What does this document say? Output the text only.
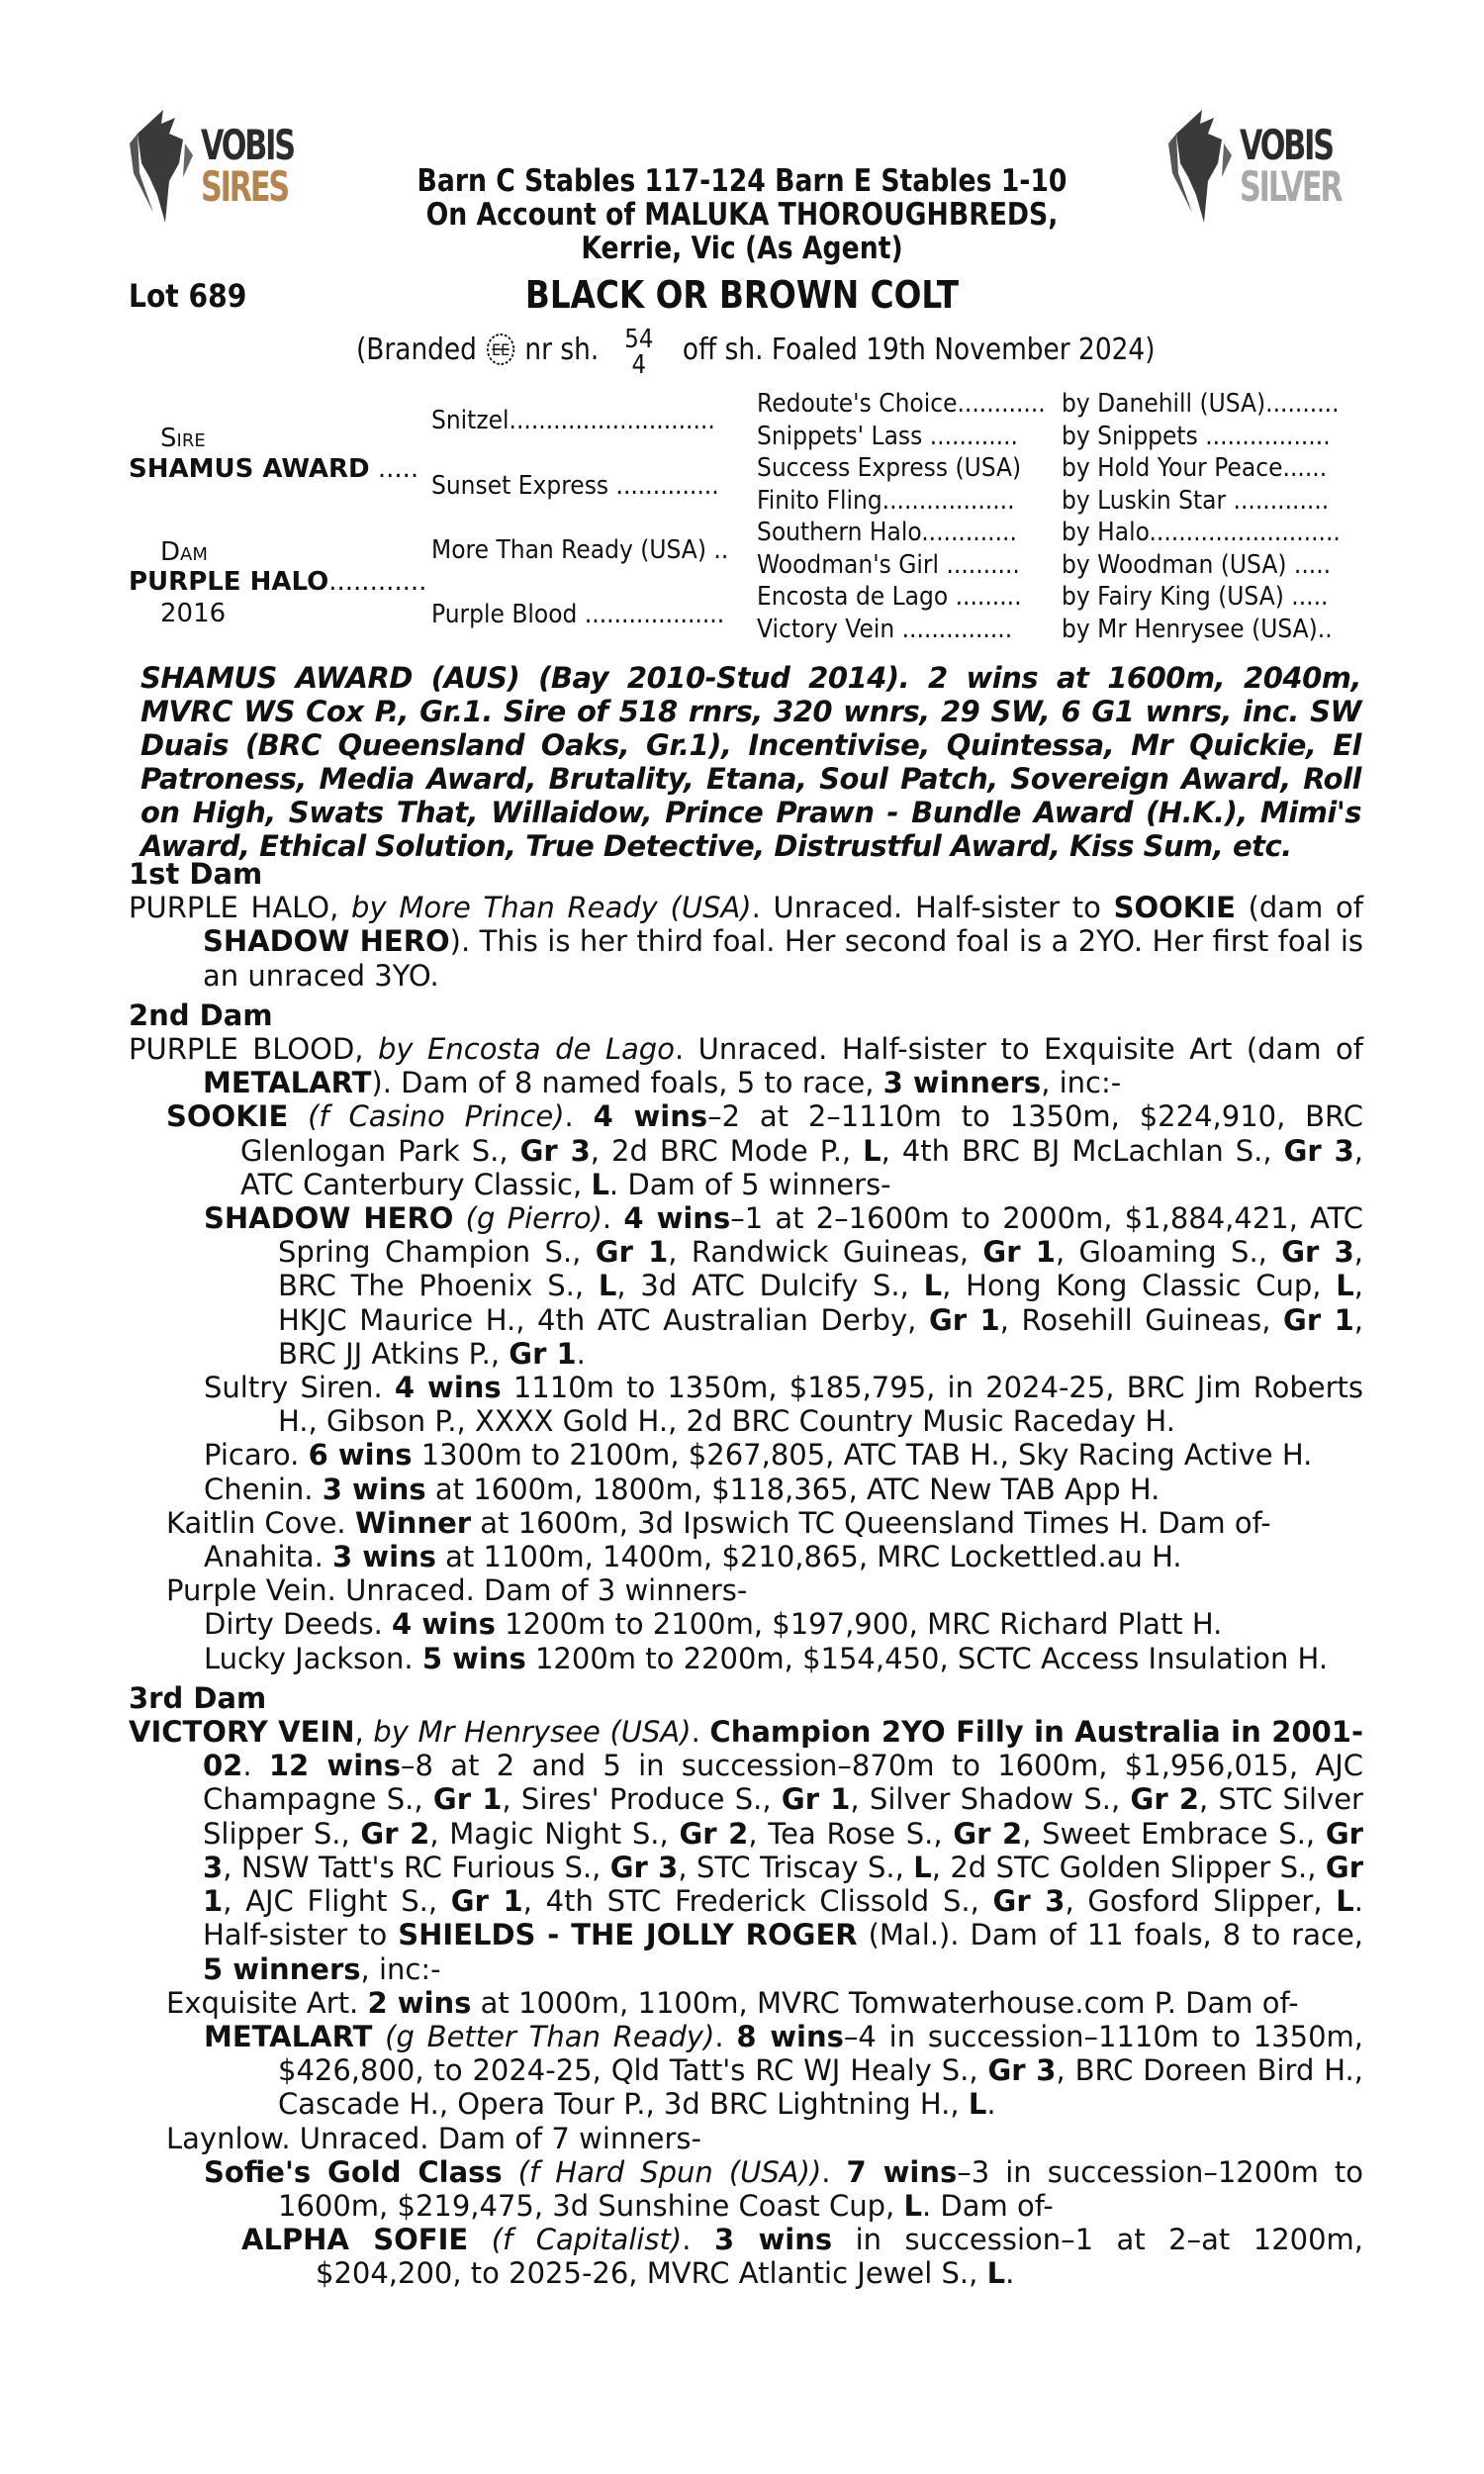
VOBIS
SIRES
VOBIS
SILVER
Barn C Stables 117-124 Barn E Stables 1-10
On Account of MALUKA THOROUGHBREDS,
Kerrie, Vic (As Agent)
Lot 689	BLACK OR BROWN COLT
(Branded EE nr sh. 54
4 off sh. Foaled 19th November 2024)
Sire
SHAMUS AWARD .....
Dam
PURPLE HALO............
2016
Snitzel............................
Sunset Express ..............
More Than Ready (USA) ..
Purple Blood ...................
Redoute's Choice............
Snippets' Lass ............
Success Express (USA)
Finito Fling..................
Southern Halo.............
Woodman's Girl ..........
Encosta de Lago .........
Victory Vein ...............
by Danehill (USA)..........
by Snippets .................
by Hold Your Peace......
by Luskin Star .............
by Halo..........................
by Woodman (USA) .....
by Fairy King (USA) .....
by Mr Henrysee (USA)..
SHAMUS AWARD (AUS) (Bay 2010-Stud 2014). 2 wins at 1600m, 2040m, MVRC WS Cox P., Gr.1. Sire of 518 rnrs, 320 wnrs, 29 SW, 6 G1 wnrs, inc. SW Duais (BRC Queensland Oaks, Gr.1), Incentivise, Quintessa, Mr Quickie, El Patroness, Media Award, Brutality, Etana, Soul Patch, Sovereign Award, Roll on High, Swats That, Willaidow, Prince Prawn - Bundle Award (H.K.), Mimi's Award, Ethical Solution, True Detective, Distrustful Award, Kiss Sum, etc.
1st Dam
PURPLE HALO, by More Than Ready (USA). Unraced. Half-sister to SOOKIE (dam of SHADOW HERO). This is her third foal. Her second foal is a 2YO. Her first foal is an unraced 3YO.
2nd Dam
PURPLE BLOOD, by Encosta de Lago. Unraced. Half-sister to Exquisite Art (dam of METALART). Dam of 8 named foals, 5 to race, 3 winners, inc:-
SOOKIE (f Casino Prince). 4 wins–2 at 2–1110m to 1350m, $224,910, BRC Glenlogan Park S., Gr 3, 2d BRC Mode P., L, 4th BRC BJ McLachlan S., Gr 3, ATC Canterbury Classic, L. Dam of 5 winners-
SHADOW HERO (g Pierro). 4 wins–1 at 2–1600m to 2000m, $1,884,421, ATC Spring Champion S., Gr 1, Randwick Guineas, Gr 1, Gloaming S., Gr 3, BRC The Phoenix S., L, 3d ATC Dulcify S., L, Hong Kong Classic Cup, L, HKJC Maurice H., 4th ATC Australian Derby, Gr 1, Rosehill Guineas, Gr 1, BRC JJ Atkins P., Gr 1.
Sultry Siren. 4 wins 1110m to 1350m, $185,795, in 2024-25, BRC Jim Roberts H., Gibson P., XXXX Gold H., 2d BRC Country Music Raceday H.
Picaro. 6 wins 1300m to 2100m, $267,805, ATC TAB H., Sky Racing Active H.
Chenin. 3 wins at 1600m, 1800m, $118,365, ATC New TAB App H.
Kaitlin Cove. Winner at 1600m, 3d Ipswich TC Queensland Times H. Dam of-
Anahita. 3 wins at 1100m, 1400m, $210,865, MRC Lockettled.au H.
Purple Vein. Unraced. Dam of 3 winners-
Dirty Deeds. 4 wins 1200m to 2100m, $197,900, MRC Richard Platt H.
Lucky Jackson. 5 wins 1200m to 2200m, $154,450, SCTC Access Insulation H.
3rd Dam
VICTORY VEIN, by Mr Henrysee (USA). Champion 2YO Filly in Australia in 2001-02. 12 wins–8 at 2 and 5 in succession–870m to 1600m, $1,956,015, AJC Champagne S., Gr 1, Sires' Produce S., Gr 1, Silver Shadow S., Gr 2, STC Silver Slipper S., Gr 2, Magic Night S., Gr 2, Tea Rose S., Gr 2, Sweet Embrace S., Gr 3, NSW Tatt's RC Furious S., Gr 3, STC Triscay S., L, 2d STC Golden Slipper S., Gr 1, AJC Flight S., Gr 1, 4th STC Frederick Clissold S., Gr 3, Gosford Slipper, L. Half-sister to SHIELDS - THE JOLLY ROGER (Mal.). Dam of 11 foals, 8 to race, 5 winners, inc:-
Exquisite Art. 2 wins at 1000m, 1100m, MVRC Tomwaterhouse.com P. Dam of-
METALART (g Better Than Ready). 8 wins–4 in succession–1110m to 1350m, $426,800, to 2024-25, Qld Tatt's RC WJ Healy S., Gr 3, BRC Doreen Bird H., Cascade H., Opera Tour P., 3d BRC Lightning H., L.
Laynlow. Unraced. Dam of 7 winners-
Sofie's Gold Class (f Hard Spun (USA)). 7 wins–3 in succession–1200m to 1600m, $219,475, 3d Sunshine Coast Cup, L. Dam of-
ALPHA SOFIE (f Capitalist). 3 wins in succession–1 at 2–at 1200m, $204,200, to 2025-26, MVRC Atlantic Jewel S., L.
